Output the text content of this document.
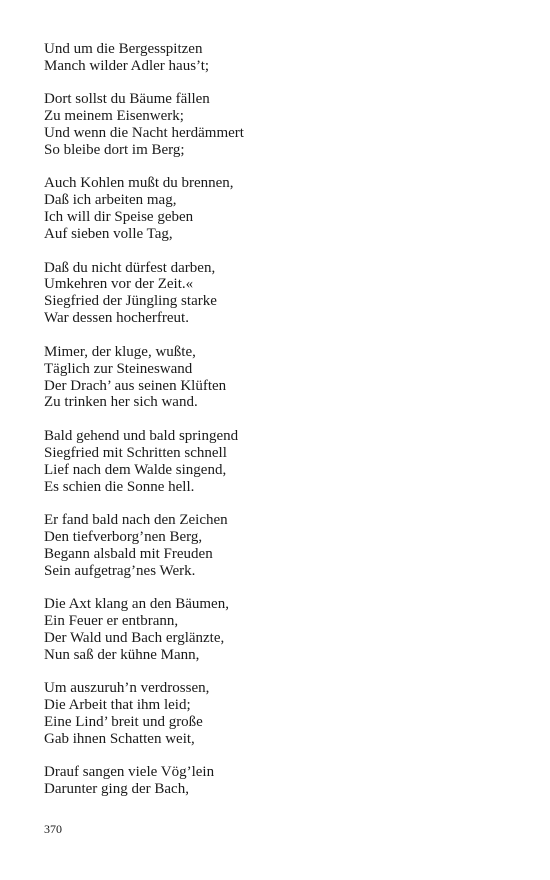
Und um die Bergesspitzen
Manch wilder Adler haus’t;
Dort sollst du Bäume fällen
Zu meinem Eisenwerk;
Und wenn die Nacht herdämmert
So bleibe dort im Berg;
Auch Kohlen mußt du brennen,
Daß ich arbeiten mag,
Ich will dir Speise geben
Auf sieben volle Tag,
Daß du nicht dürfest darben,
Umkehren vor der Zeit.«
Siegfried der Jüngling starke
War dessen hocherfreut.
Mimer, der kluge, wußte,
Täglich zur Steineswand
Der Drach’ aus seinen Klüften
Zu trinken her sich wand.
Bald gehend und bald springend
Siegfried mit Schritten schnell
Lief nach dem Walde singend,
Es schien die Sonne hell.
Er fand bald nach den Zeichen
Den tiefverborg’nen Berg,
Begann alsbald mit Freuden
Sein aufgetrag’nes Werk.
Die Axt klang an den Bäumen,
Ein Feuer er entbrann,
Der Wald und Bach erglänzte,
Nun saß der kühne Mann,
Um auszuruh’n verdrossen,
Die Arbeit that ihm leid;
Eine Lind’ breit und große
Gab ihnen Schatten weit,
Drauf sangen viele Vög’lein
Darunter ging der Bach,
370
